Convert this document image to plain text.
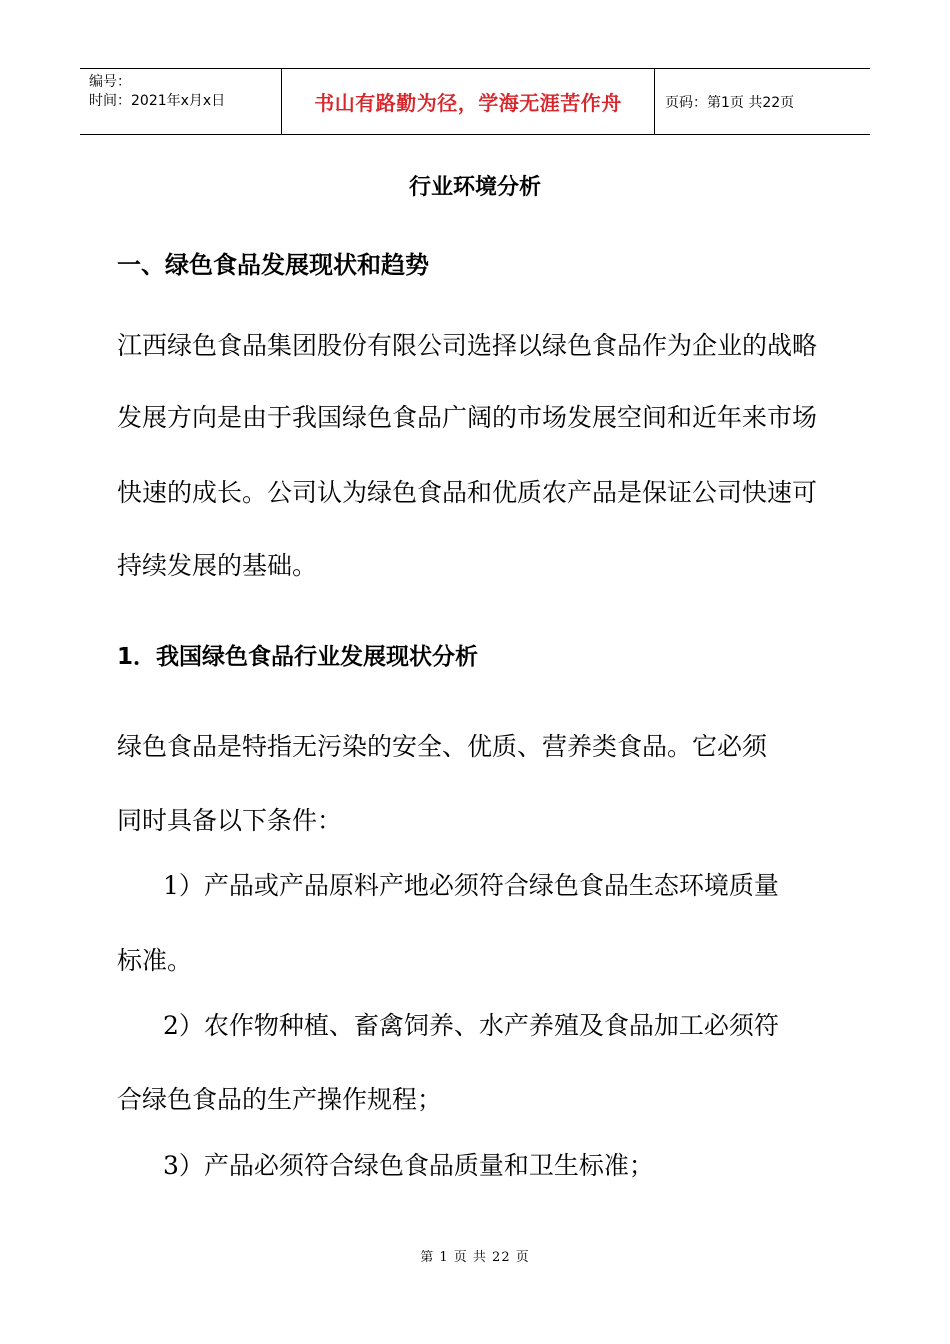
编号：
时间：2021年x月x日	书山有路勤为径，学海无涯苦作舟	页码：第1页 共22页
行业环境分析
一、绿色食品发展现状和趋势
江西绿色食品集团股份有限公司选择以绿色食品作为企业的战略
发展方向是由于我国绿色食品广阔的市场发展空间和近年来市场
快速的成长。公司认为绿色食品和优质农产品是保证公司快速可
持续发展的基础。
1．我国绿色食品行业发展现状分析
绿色食品是特指无污染的安全、优质、营养类食品。它必须
同时具备以下条件：
1）产品或产品原料产地必须符合绿色食品生态环境质量
标准。
2）农作物种植、畜禽饲养、水产养殖及食品加工必须符
合绿色食品的生产操作规程；
3）产品必须符合绿色食品质量和卫生标准；
第 1 页 共 22 页
